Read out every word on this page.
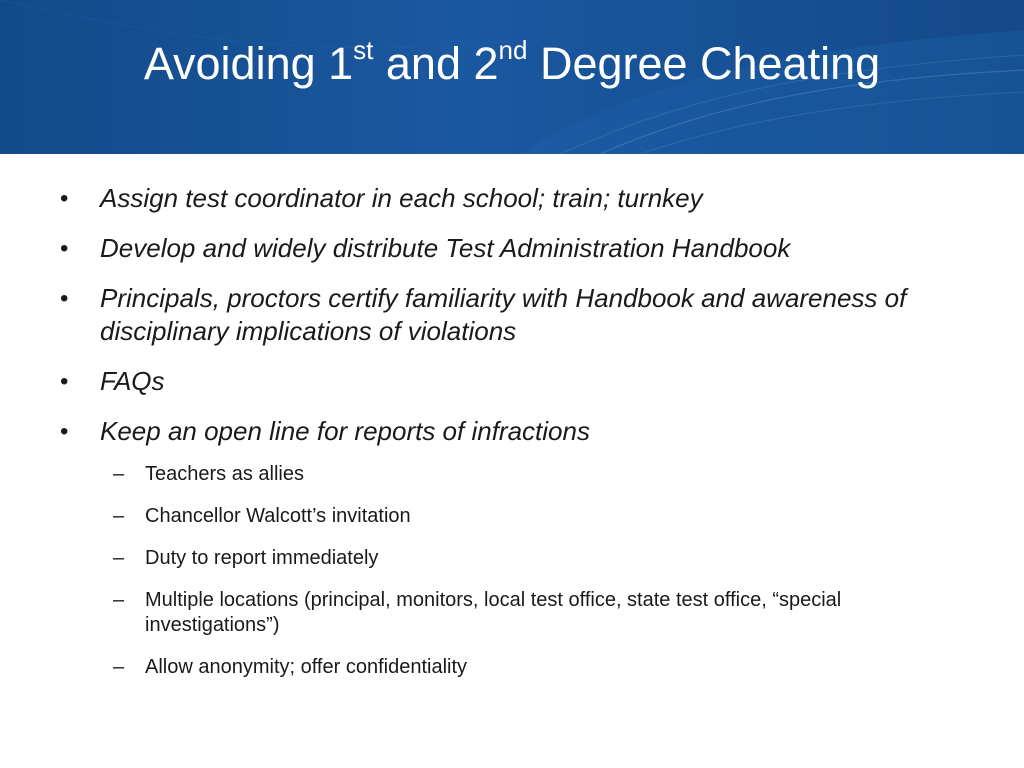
Avoiding 1st and 2nd Degree Cheating
• Assign test coordinator in each school; train; turnkey
• Develop and widely distribute Test Administration Handbook
• Principals, proctors certify familiarity with Handbook and awareness of disciplinary implications of violations
• FAQs
• Keep an open line for reports of infractions
– Teachers as allies
– Chancellor Walcott’s invitation
– Duty to report immediately
– Multiple locations (principal, monitors, local test office, state test office, “special investigations”)
– Allow anonymity; offer confidentiality
